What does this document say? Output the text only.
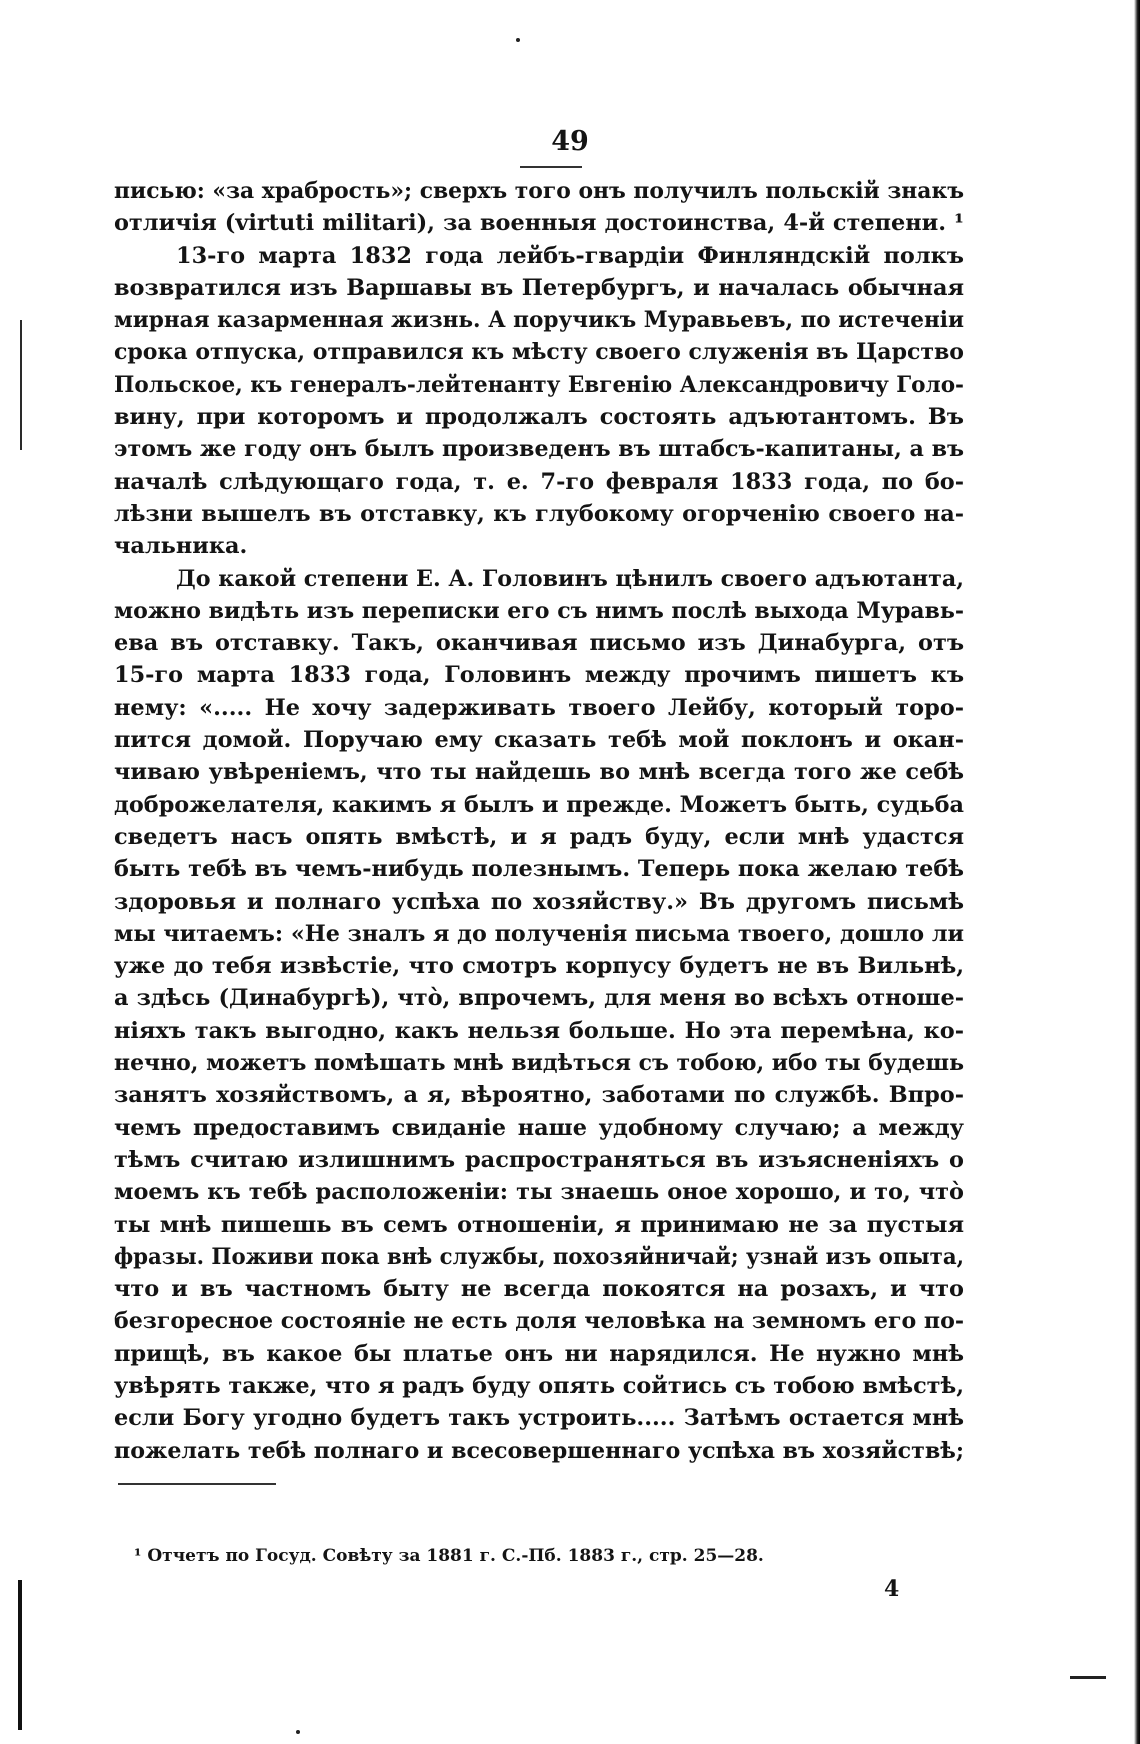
49
писью: «за храбрость»; сверхъ того онъ получилъ польскій знакъ
отличія (virtuti militari), за военныя достоинства, 4-й степени. ¹
13-го марта 1832 года лейбъ-гвардіи Финляндскій полкъ
возвратился изъ Варшавы въ Петербургъ, и началась обычная
мирная казарменная жизнь. А поручикъ Муравьевъ, по истеченіи
срока отпуска, отправился къ мѣсту своего служенія въ Царство
Польское, къ генералъ-лейтенанту Евгенію Александровичу Голо-
вину, при которомъ и продолжалъ состоять адъютантомъ. Въ
этомъ же году онъ былъ произведенъ въ штабсъ-капитаны, а въ
началѣ слѣдующаго года, т. е. 7-го февраля 1833 года, по бо-
лѣзни вышелъ въ отставку, къ глубокому огорченію своего на-
чальника.
До какой степени Е. А. Головинъ цѣнилъ своего адъютанта,
можно видѣть изъ переписки его съ нимъ послѣ выхода Муравь-
ева въ отставку. Такъ, оканчивая письмо изъ Динабурга, отъ
15-го марта 1833 года, Головинъ между прочимъ пишетъ къ
нему: «..... Не хочу задерживать твоего Лейбу, который торо-
пится домой. Поручаю ему сказать тебѣ мой поклонъ и окан-
чиваю увѣреніемъ, что ты найдешь во мнѣ всегда того же себѣ
доброжелателя, какимъ я былъ и прежде. Можетъ быть, судьба
сведетъ насъ опять вмѣстѣ, и я радъ буду, если мнѣ удастся
быть тебѣ въ чемъ-нибудь полезнымъ. Теперь пока желаю тебѣ
здоровья и полнаго успѣха по хозяйству.» Въ другомъ письмѣ
мы читаемъ: «Не зналъ я до полученія письма твоего, дошло ли
уже до тебя извѣстіе, что смотръ корпусу будетъ не въ Вильнѣ,
а здѣсь (Динабургѣ), что̀, впрочемъ, для меня во всѣхъ отноше-
ніяхъ такъ выгодно, какъ нельзя больше. Но эта перемѣна, ко-
нечно, можетъ помѣшать мнѣ видѣться съ тобою, ибо ты будешь
занятъ хозяйствомъ, а я, вѣроятно, заботами по службѣ. Впро-
чемъ предоставимъ свиданіе наше удобному случаю; а между
тѣмъ считаю излишнимъ распространяться въ изъясненіяхъ о
моемъ къ тебѣ расположеніи: ты знаешь оное хорошо, и то, что̀
ты мнѣ пишешь въ семъ отношеніи, я принимаю не за пустыя
фразы. Поживи пока внѣ службы, похозяйничай; узнай изъ опыта,
что и въ частномъ быту не всегда покоятся на розахъ, и что
безгоресное состояніе не есть доля человѣка на земномъ его по-
прищѣ, въ какое бы платье онъ ни нарядился. Не нужно мнѣ
увѣрять также, что я радъ буду опять сойтись съ тобою вмѣстѣ,
если Богу угодно будетъ такъ устроить..... Затѣмъ остается мнѣ
пожелать тебѣ полнаго и всесовершеннаго успѣха въ хозяйствѣ;
¹ Отчетъ по Госуд. Совѣту за 1881 г. С.-Пб. 1883 г., стр. 25—28.
4
